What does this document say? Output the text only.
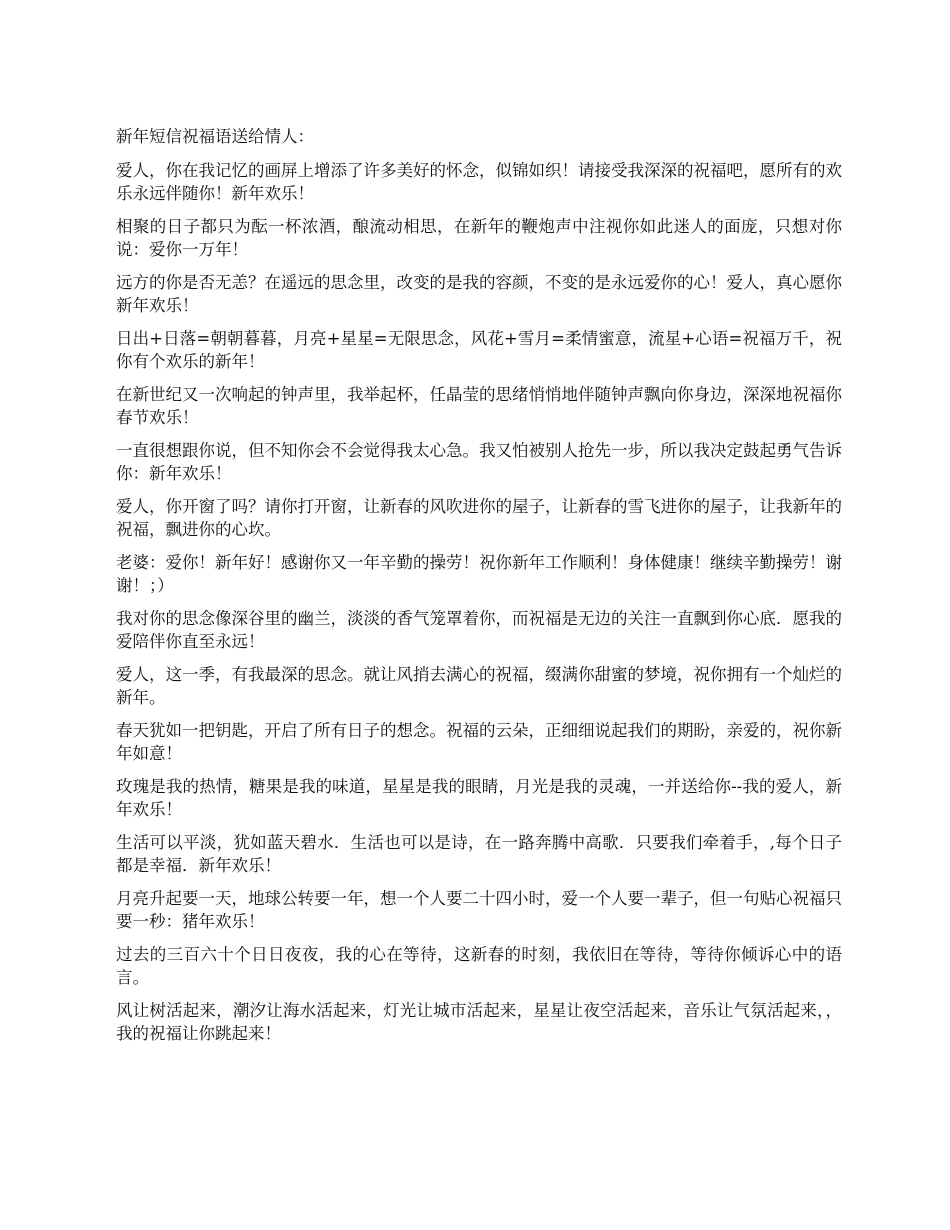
新年短信祝福语送给情人：
爱人，你在我记忆的画屏上增添了许多美好的怀念，似锦如织！请接受我深深的祝福吧，愿所有的欢乐永远伴随你！新年欢乐！
相聚的日子都只为酝一杯浓酒，酿流动相思，在新年的鞭炮声中注视你如此迷人的面庞，只想对你说：爱你一万年！
远方的你是否无恙？在遥远的思念里，改变的是我的容颜，不变的是永远爱你的心！爱人，真心愿你新年欢乐！
日出+日落=朝朝暮暮，月亮+星星=无限思念，风花+雪月=柔情蜜意，流星+心语=祝福万千，祝你有个欢乐的新年！
在新世纪又一次响起的钟声里，我举起杯，任晶莹的思绪悄悄地伴随钟声飘向你身边，深深地祝福你春节欢乐！
一直很想跟你说，但不知你会不会觉得我太心急。我又怕被别人抢先一步，所以我决定鼓起勇气告诉你：新年欢乐！
爱人，你开窗了吗？请你打开窗，让新春的风吹进你的屋子，让新春的雪飞进你的屋子，让我新年的祝福，飘进你的心坎。
老婆：爱你！新年好！感谢你又一年辛勤的操劳！祝你新年工作顺利！身体健康！继续辛勤操劳！谢谢！；）
我对你的思念像深谷里的幽兰，淡淡的香气笼罩着你，而祝福是无边的关注一直飘到你心底．愿我的爱陪伴你直至永远！
爱人，这一季，有我最深的思念。就让风捎去满心的祝福，缀满你甜蜜的梦境，祝你拥有一个灿烂的新年。
春天犹如一把钥匙，开启了所有日子的想念。祝福的云朵，正细细说起我们的期盼，亲爱的，祝你新年如意！
玫瑰是我的热情，糖果是我的味道，星星是我的眼睛，月光是我的灵魂，一并送给你--我的爱人，新年欢乐！
生活可以平淡，犹如蓝天碧水．生活也可以是诗，在一路奔腾中高歌．只要我们牵着手，,每个日子都是幸福．新年欢乐！
月亮升起要一天，地球公转要一年，想一个人要二十四小时，爱一个人要一辈子，但一句贴心祝福只要一秒：猪年欢乐！
过去的三百六十个日日夜夜，我的心在等待，这新春的时刻，我依旧在等待，等待你倾诉心中的语言。
风让树活起来，潮汐让海水活起来，灯光让城市活起来，星星让夜空活起来，音乐让气氛活起来，，我的祝福让你跳起来！
